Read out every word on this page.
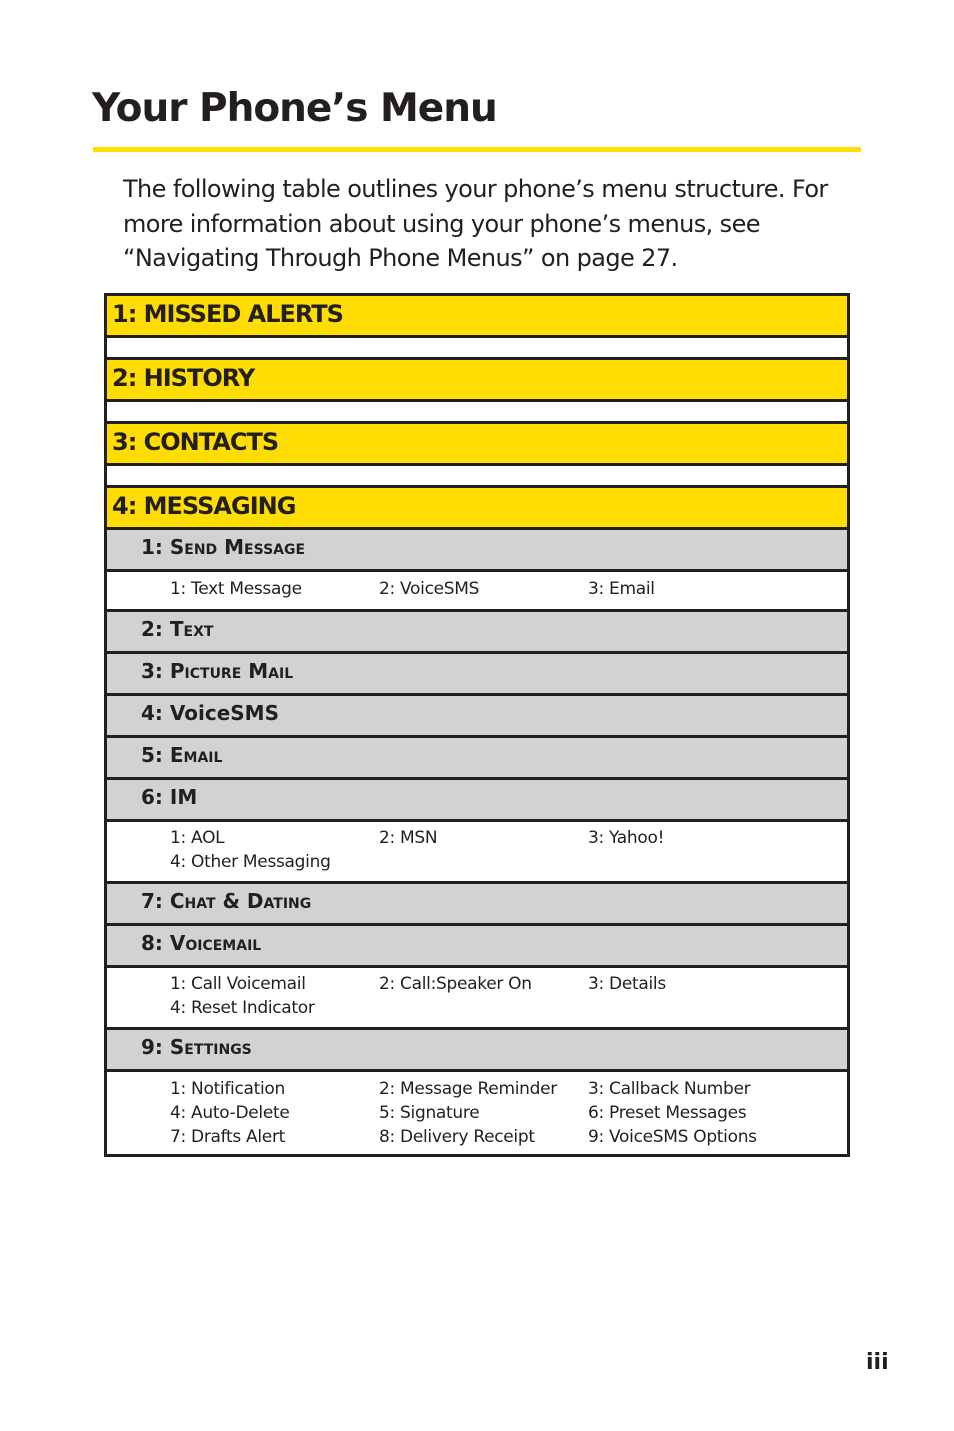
Your Phone’s Menu

The following table outlines your phone’s menu structure. For more information about using your phone’s menus, see “Navigating Through Phone Menus” on page 27.

1: MISSED ALERTS
2: HISTORY
3: CONTACTS
4: MESSAGING
1: Send Message
1: Text Message	2: VoiceSMS	3: Email
2: Text
3: Picture Mail
4: VoiceSMS
5: Email
6: IM
1: AOL	2: MSN	3: Yahoo!
4: Other Messaging
7: Chat & Dating
8: Voicemail
1: Call Voicemail	2: Call:Speaker On	3: Details
4: Reset Indicator
9: Settings
1: Notification	2: Message Reminder 3: Callback Number
4: Auto-Delete	5: Signature	6: Preset Messages
7: Drafts Alert	8: Delivery Receipt	9: VoiceSMS Options
iii
